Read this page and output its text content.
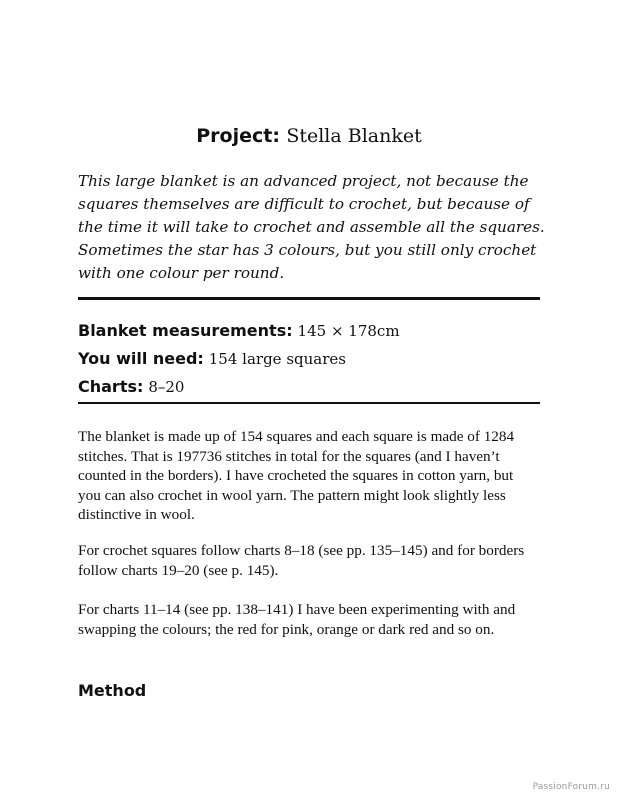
Project: Stella Blanket

This large blanket is an advanced project, not because the squares themselves are difficult to crochet, but because of the time it will take to crochet and assemble all the squares. Sometimes the star has 3 colours, but you still only crochet with one colour per round.

Blanket measurements: 145 × 178cm
You will need: 154 large squares
Charts: 8–20

The blanket is made up of 154 squares and each square is made of 1284 stitches. That is 197736 stitches in total for the squares (and I haven’t counted in the borders). I have crocheted the squares in cotton yarn, but you can also crochet in wool yarn. The pattern might look slightly less distinctive in wool.

For crochet squares follow charts 8–18 (see pp. 135–145) and for borders follow charts 19–20 (see p. 145).

For charts 11–14 (see pp. 138–141) I have been experimenting with and swapping the colours; the red for pink, orange or dark red and so on.

Method
PassionForum.ru
